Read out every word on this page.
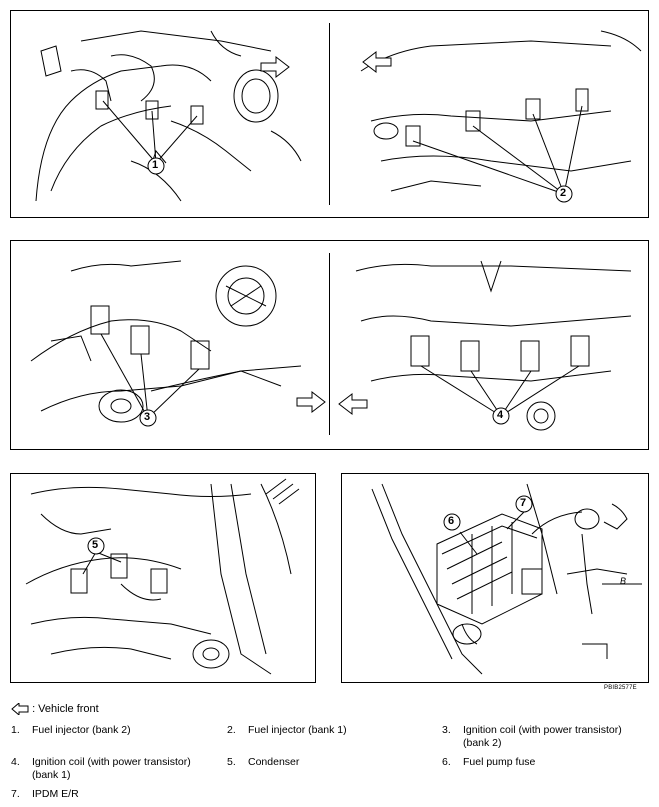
1
2
3	4
5
6
7
B
PBIB2577E
: Vehicle front
1. Fuel injector (bank 2)	2. Fuel injector (bank 1)	3. Ignition coil (with power transistor) (bank 2)
4. Ignition coil (with power transistor) (bank 1)
5. Condenser	6. Fuel pump fuse
7. IPDM E/R
